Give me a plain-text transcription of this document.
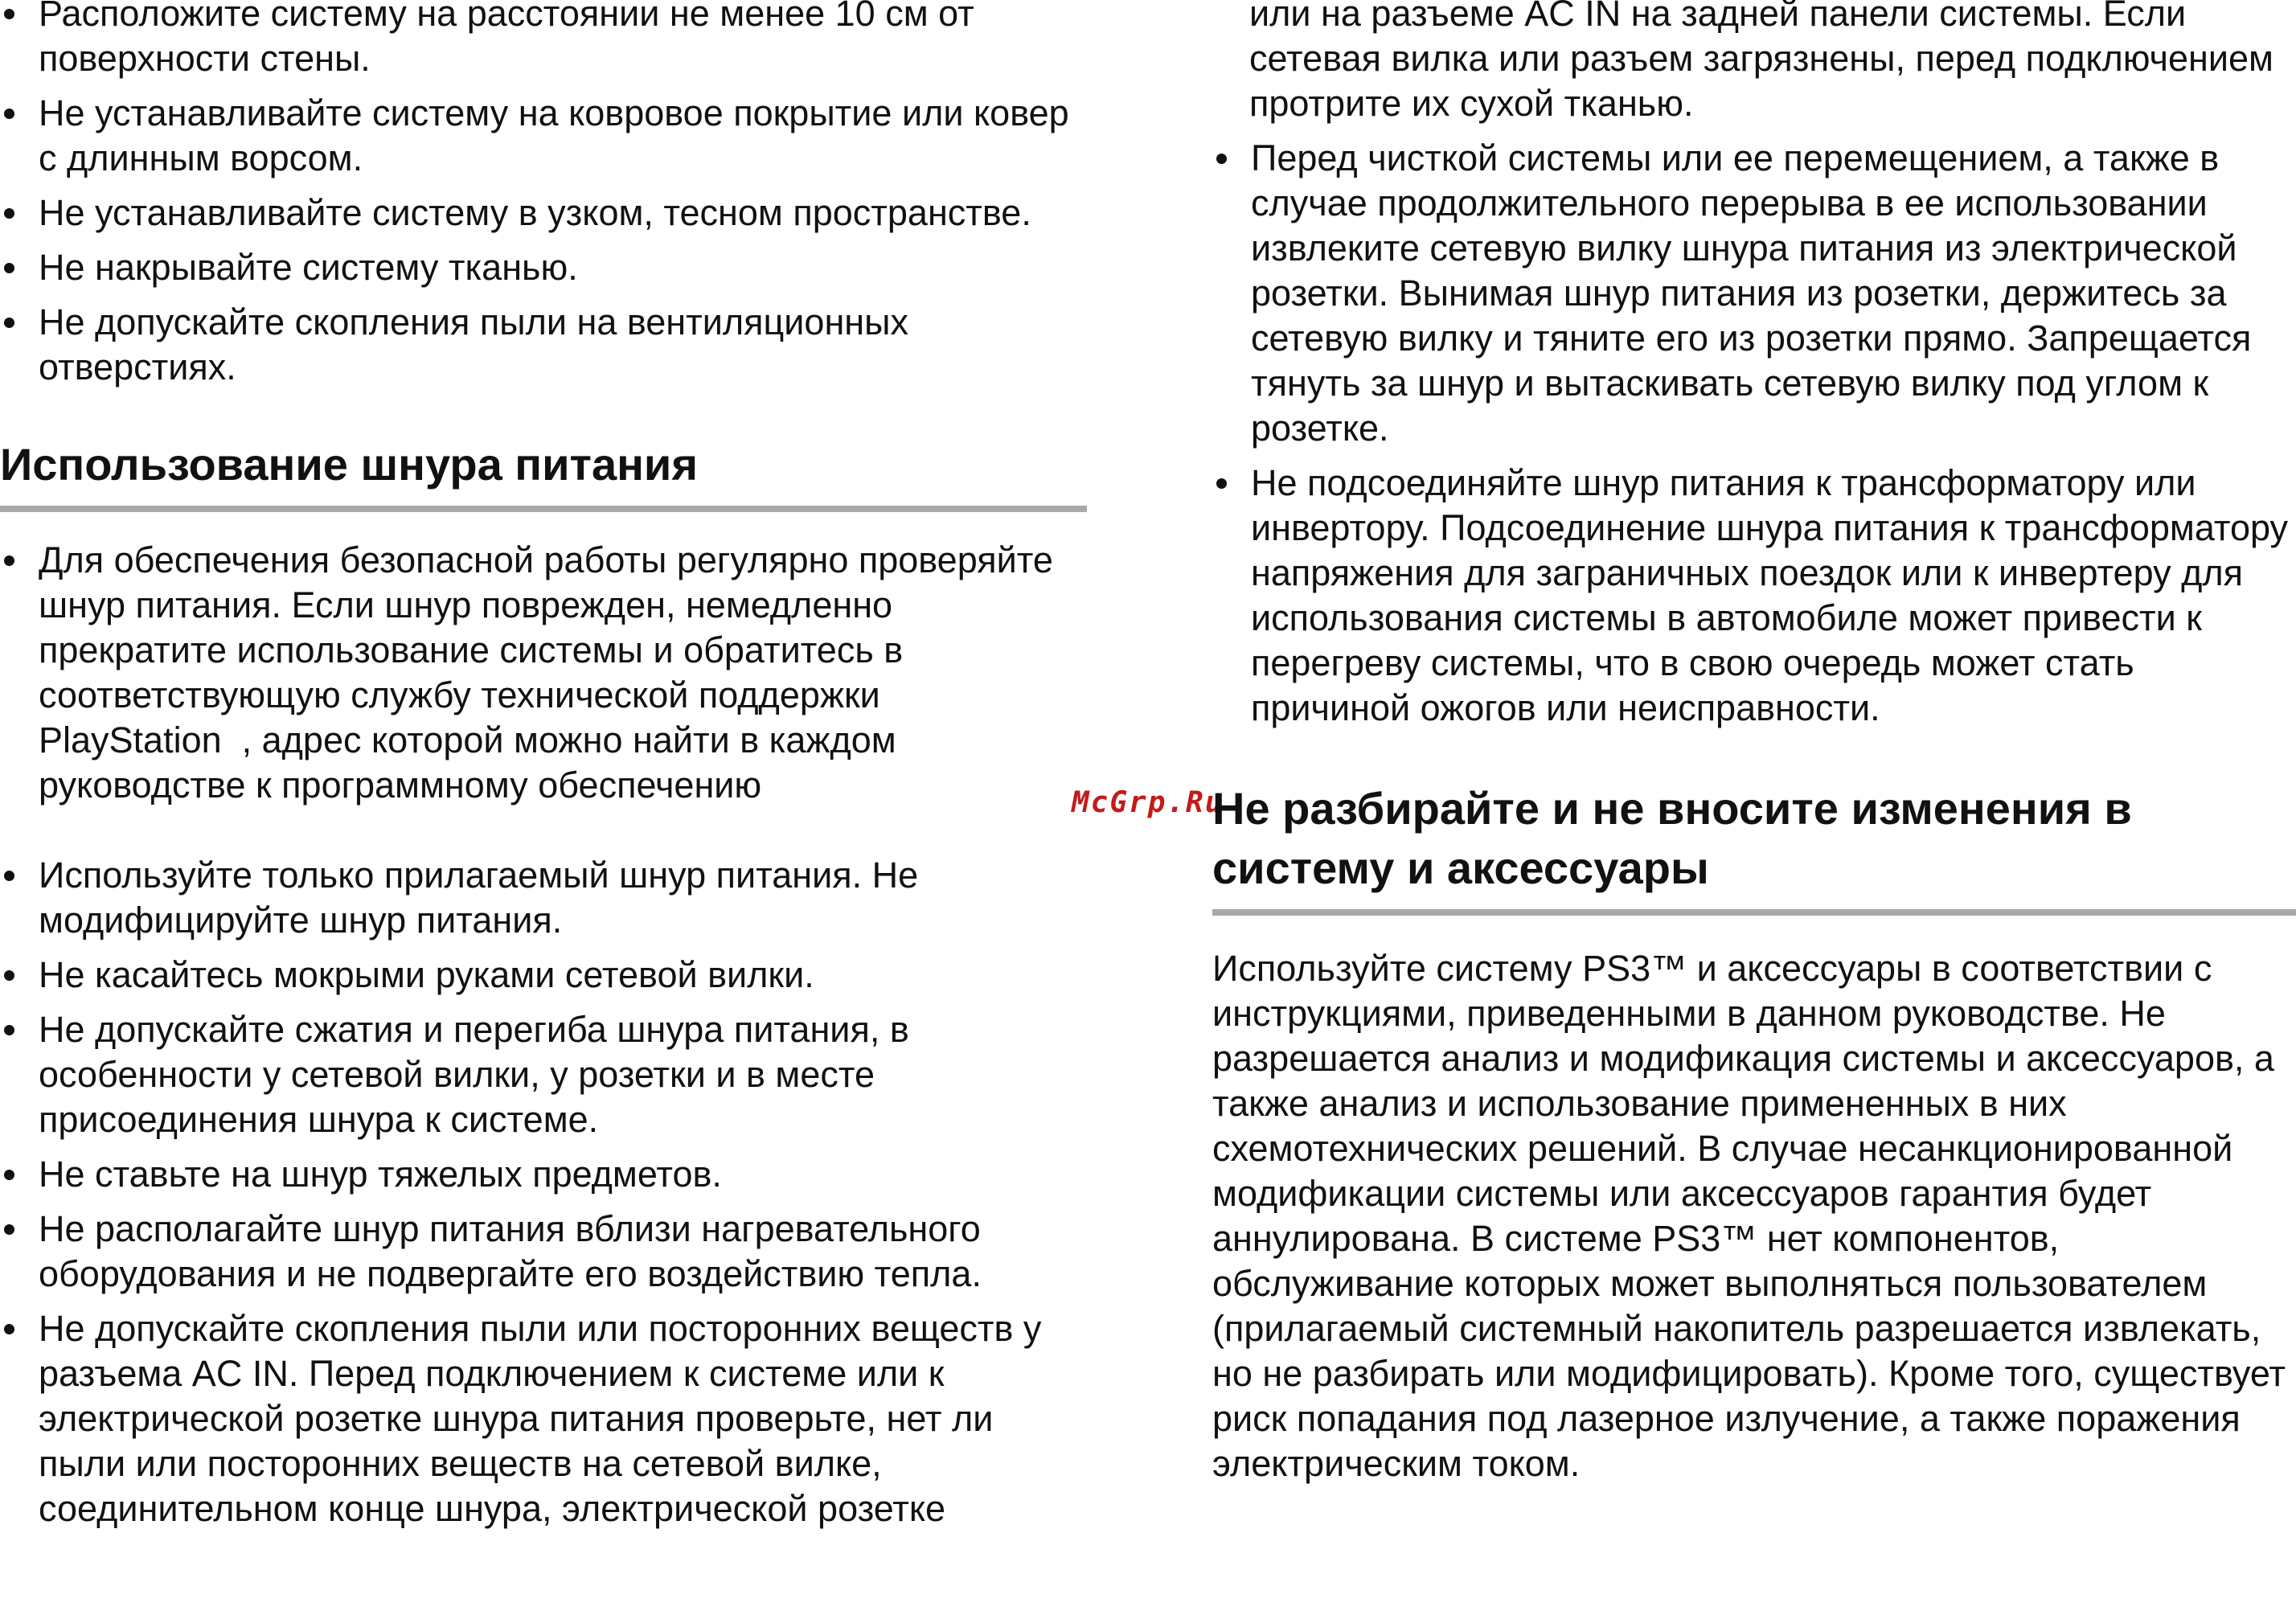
Расположите систему на расстоянии не менее 10 см от поверхности стены.
Не устанавливайте систему на ковровое покрытие или ковер с длинным ворсом.
Не устанавливайте систему в узком, тесном пространстве.
Не накрывайте систему тканью.
Не допускайте скопления пыли на вентиляционных отверстиях.
Использование шнура питания
Для обеспечения безопасной работы регулярно проверяйте шнур питания. Если шнур поврежден, немедленно прекратите использование системы и обратитесь в соответствующую службу технической поддержки PlayStation  , адрес которой можно найти в каждом руководстве к программному обеспечению
Используйте только прилагаемый шнур питания. Не модифицируйте шнур питания.
Не касайтесь мокрыми руками сетевой вилки.
Не допускайте сжатия и перегиба шнура питания, в особенности у сетевой вилки, у розетки и в месте присоединения шнура к системе.
Не ставьте на шнур тяжелых предметов.
Не располагайте шнур питания вблизи нагревательного оборудования и не подвергайте его воздействию тепла.
Не допускайте скопления пыли или посторонних веществ у разъема AC IN. Перед подключением к системе или к электрической розетке шнура питания проверьте, нет ли пыли или посторонних веществ на сетевой вилке, соединительном конце шнура, электрической розетке
McGrp.Ru

или на разъеме AC IN на задней панели системы. Если сетевая вилка или разъем загрязнены, перед подключением протрите их сухой тканью.

Перед чисткой системы или ее перемещением, а также в случае продолжительного перерыва в ее использовании извлеките сетевую вилку шнура питания из электрической розетки. Вынимая шнур питания из розетки, держитесь за сетевую вилку и тяните его из розетки прямо. Запрещается тянуть за шнур и вытаскивать сетевую вилку под углом к розетке.
Не подсоединяйте шнур питания к трансформатору или инвертору. Подсоединение шнура питания к трансформатору напряжения для заграничных поездок или к инвертеру для использования системы в автомобиле может привести к перегреву системы, что в свою очередь может стать причиной ожогов или неисправности.
Не разбирайте и не вносите изменения в систему и аксессуары

Используйте систему PS3™ и аксессуары в соответствии с инструкциями, приведенными в данном руководстве. Не разрешается анализ и модификация системы и аксессуаров, а также анализ и использование примененных в них схемотехнических решений. В случае несанкционированной модификации системы или аксессуаров гарантия будет аннулирована. В системе PS3™ нет компонентов, обслуживание которых может выполняться пользователем (прилагаемый системный накопитель разрешается извлекать, но не разбирать или модифицировать). Кроме того, существует риск попадания под лазерное излучение, а также поражения электрическим током.
